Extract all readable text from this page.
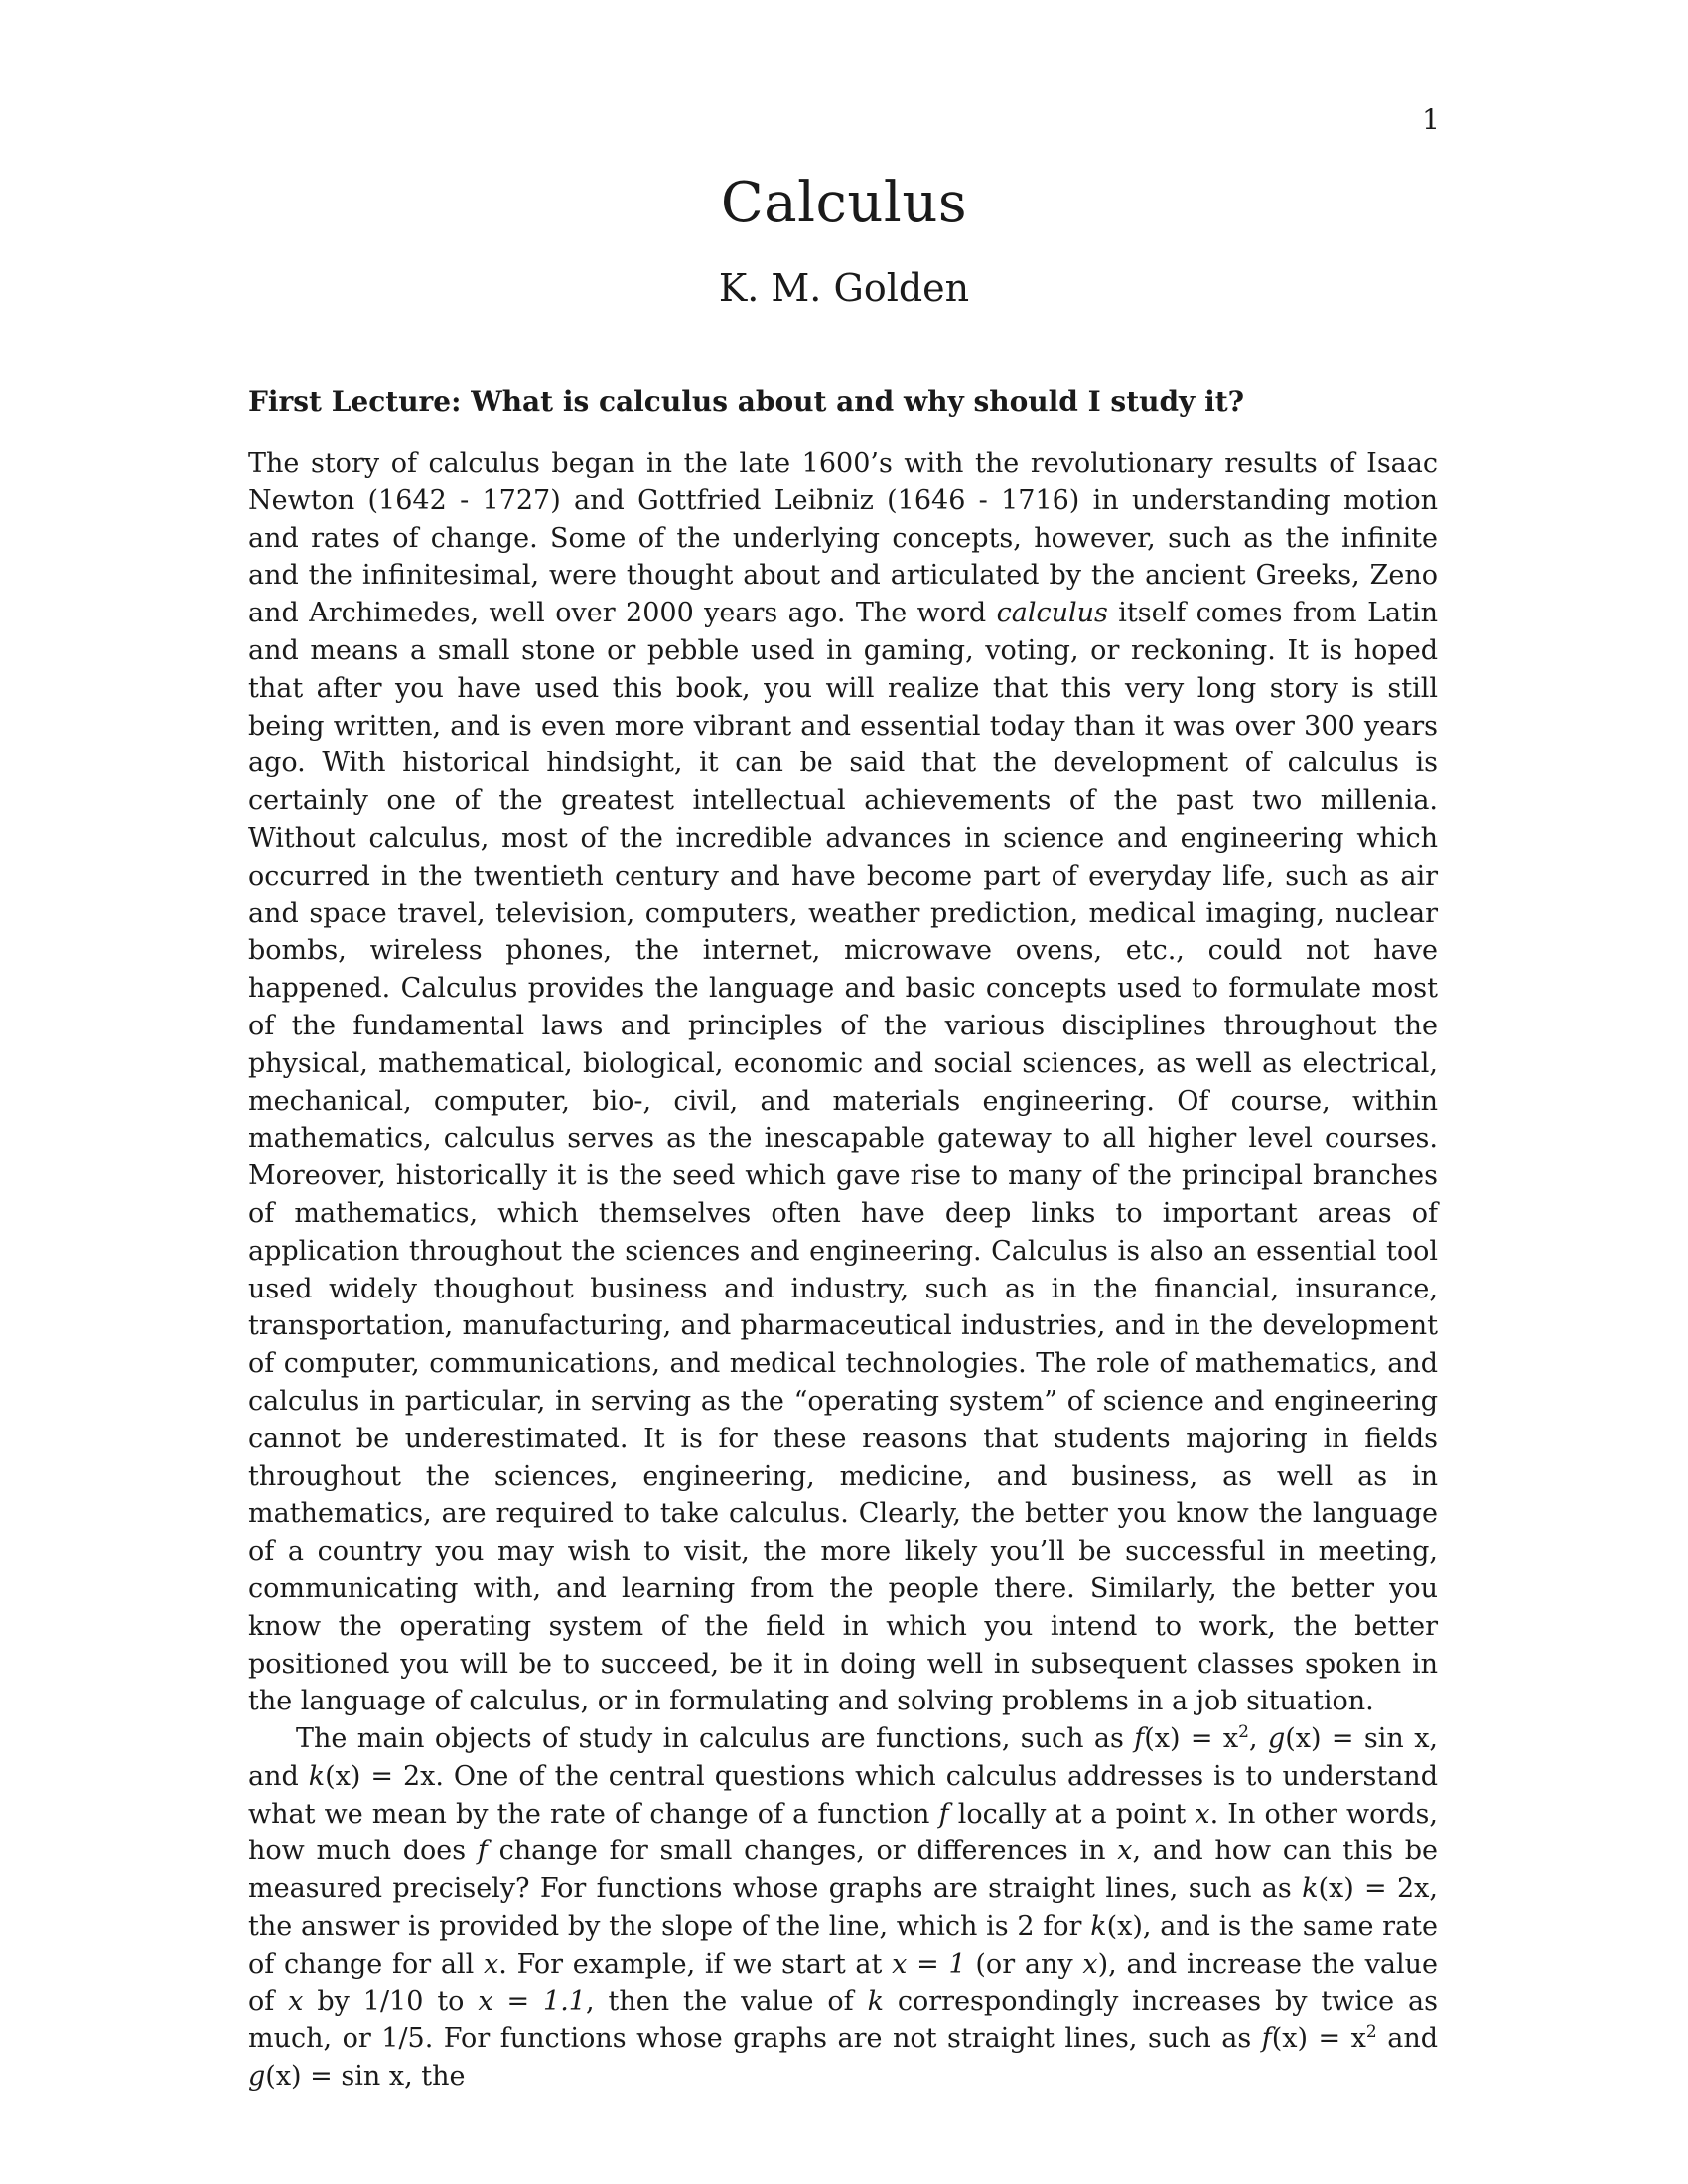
1
Calculus
K. M. Golden
First Lecture: What is calculus about and why should I study it?

The story of calculus began in the late 1600’s with the revolutionary results of Isaac Newton (1642 - 1727) and Gottfried Leibniz (1646 - 1716) in understanding motion and rates of change. Some of the underlying concepts, however, such as the infinite and the infinitesimal, were thought about and articulated by the ancient Greeks, Zeno and Archimedes, well over 2000 years ago. The word calculus itself comes from Latin and means a small stone or pebble used in gaming, voting, or reckoning. It is hoped that after you have used this book, you will realize that this very long story is still being written, and is even more vibrant and essential today than it was over 300 years ago. With historical hindsight, it can be said that the development of calculus is certainly one of the greatest intellectual achievements of the past two millenia. Without calculus, most of the incredible advances in science and engineering which occurred in the twentieth century and have become part of everyday life, such as air and space travel, television, computers, weather prediction, medical imaging, nuclear bombs, wireless phones, the internet, microwave ovens, etc., could not have happened. Calculus provides the language and basic concepts used to formulate most of the fundamental laws and principles of the various disciplines throughout the physical, mathematical, biological, economic and social sciences, as well as electrical, mechanical, computer, bio-, civil, and materials engineering. Of course, within mathematics, calculus serves as the inescapable gateway to all higher level courses. Moreover, historically it is the seed which gave rise to many of the principal branches of mathematics, which themselves often have deep links to important areas of application throughout the sciences and engineering. Calculus is also an essential tool used widely thoughout business and industry, such as in the financial, insurance, transportation, manufacturing, and pharmaceutical industries, and in the development of computer, communications, and medical technologies. The role of mathematics, and calculus in particular, in serving as the “operating system” of science and engineering cannot be underestimated. It is for these reasons that students majoring in fields throughout the sciences, engineering, medicine, and business, as well as in mathematics, are required to take calculus. Clearly, the better you know the language of a country you may wish to visit, the more likely you’ll be successful in meeting, communicating with, and learning from the people there. Similarly, the better you know the operating system of the field in which you intend to work, the better positioned you will be to succeed, be it in doing well in subsequent classes spoken in the language of calculus, or in formulating and solving problems in a job situation.

The main objects of study in calculus are functions, such as $f(x) = x^2$, g(x) = sin x, and k(x) = 2x. One of the central questions which calculus addresses is to understand what we mean by the rate of change of a function f locally at a point x. In other words, how much does f change for small changes, or differences in x, and how can this be measured precisely? For functions whose graphs are straight lines, such as k(x) = 2x, the answer is provided by the slope of the line, which is 2 for k(x), and is the same rate of change for all x. For example, if we start at x = 1 (or any x), and increase the value of x by 1/10 to x = 1.1, then the value of k correspondingly increases by twice as much, or 1/5. For functions whose graphs are not straight lines, such as $f(x) = x^2$ and g(x) = sin x, the
